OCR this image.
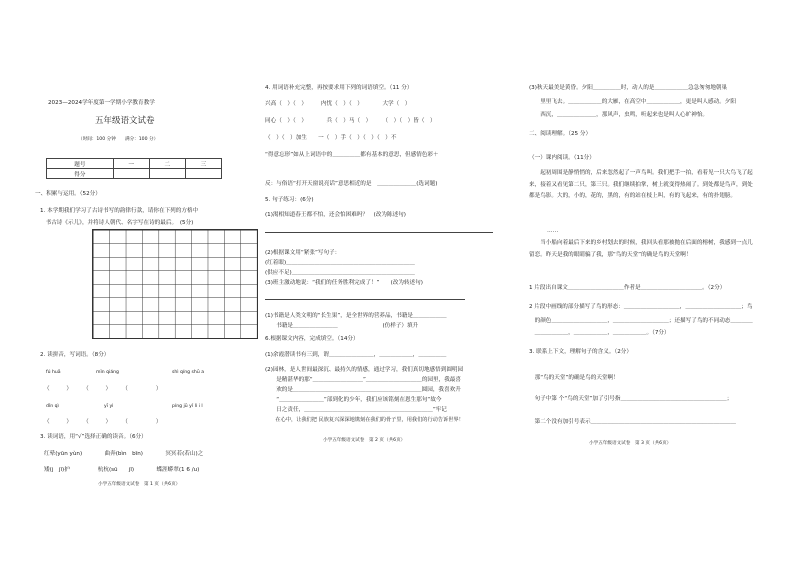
2023—2024学年度第一学期小学教育教学
五年级语文试卷
（时间：100 分钟　　满分：100 分）
题号	一	二	三
得分			
一、积累与运用。（52分）
1. 本学期我们学习了古诗书写的韵律行款，请你在下列的方格中
　书古诗《示儿》，并将诗人朝代、名字写在诗的最后。　(5分)
2. 读拼音，写词语。（8分）
fú huā	mǐn qiáng	shì qíng shū a
（　　　）　　　（　　　）　　　（　　　　　）
dǐn qì	yī yì	píng jū yǐ lì i l
（　　　）　　　（　　　）　　　（　　　　　）
3. 读词语，用“√”选择正确的读音。（6分）
红晕(yūn yùn)　　　　曲奔(bìn　bīn)　　　　冥冥若(若山)之
矮(j　jī)护　　　　　杭杭(sū　　jī)　　　　蝶涯蟒翠(1 6 /u)
小学五年级语文试卷　第 1 页（共6页）
4. 用词语补充完整，再按要求用下列的词语填空。（11 分）
兴高（　）（　）　　　内忧（　）（　）　　　　大学（　）
同心（　）（　）　　　　兵（　）马（　）　　　（　）（　）皆（　）
（　）（　）加生　　一（　）手（　）（　）（　）不
“得意忘形”如从上词语中的＿＿＿＿＿都有基本的意思，但感情色彩＋
反：与俗语“打开天窗说亮话”意思相近的是　＿＿＿＿＿＿＿(选词题)
5. 句子练习：(6分)
(1)渴相知道春王都不怕，还会怕困难吗？　(改为陈述句)
(2)根据课文用“紧张”写句子：
(红着眼)＿＿＿＿＿＿＿＿＿＿＿＿＿＿＿＿＿＿＿＿＿＿＿
(供应不足)＿＿＿＿＿＿＿＿＿＿＿＿＿＿＿＿＿＿＿＿＿＿
(3)班主激动地说：“我们的任务胜利完成了！”　　(改为转述句)
(1)书籍是人类文明的“长生果”，是全世界的营养品，书籍是＿＿＿＿＿＿
　　书籍是＿＿＿＿＿＿＿＿　　　　　　　　(仿样子）填升
6.根据课文内容，完成填空。（14分）
(1)余霞潜读书有三到，谓＿＿＿＿＿＿＿＿，＿＿＿＿＿＿，＿＿＿＿＿
(2)园林，是人世间最深沉、最持久的情感，通过学习，我们真切地感悟到圆明园
　　是精湛华的那“＿＿＿＿＿＿＿＿＿”＿＿＿＿＿＿＿＿＿＿的园里，我最喜
　　欢的是＿＿＿＿＿＿＿＿＿＿＿＿＿＿＿＿＿＿＿＿＿＿＿圆园，我喜欢升
　　“＿＿＿＿＿＿＿＿”部到化的少年，我们应该铭刻在恩生那句“故今
　　日之责任，＿＿＿＿＿＿＿＿＿＿＿＿＿＿＿＿＿＿＿＿＿＿＿”牢记
　　在心中，让我们把 民族复兴深深地镌刻在我们的骨子里，用我们的行动告诉世界！
小学五年级语文试卷　第 2 页（共6页）
(3)秋天最美是黄昏。夕阳＿＿＿＿＿时，动人的是＿＿＿＿＿＿急急匆匆地朝巢
　　里里飞去。＿＿＿＿＿＿的大雁，在高空中＿＿＿＿＿＿，更是叫人感动。夕阳
　　西沉，＿＿＿＿＿＿＿，那风声，虫鸣，听起来也是叫人心旷神怡。
二、阅读理解。（25 分）
（一）课内阅读。（11分）
　　起初周围是静悄悄的，后来忽然起了一声鸟叫。我们把手一拍，看着见一只大鸟飞了起来，接着又看见第二只，第三只。我们继续拍掌，树上就变得热闹了。到处都是鸟声，到处都是鸟影。大的，小的，花的，黑的，有的站在枝上叫，有的飞起来，有的扑翅膀。
……
　　当小船向着最后下来的乡村划去的时候，我回头看那被抛在后面的榕树，我感到一点儿留恋。昨天是我的眼睛骗了我，那“鸟的天堂”的确是鸟的天堂啊！
1 片段出自课文＿＿＿＿＿＿＿＿＿＿作者是＿＿＿＿＿＿＿＿＿＿＿。（2分）
2 片段中画线的部分描写了鸟的形态：＿＿＿＿＿＿＿＿＿＿，＿＿＿＿＿＿＿＿＿＿；鸟
　的颜色＿＿＿＿＿＿＿＿＿＿，＿＿＿＿＿＿＿＿＿＿；还描写了鸟的不同动态＿＿＿＿
　＿＿＿＿＿＿，＿＿＿＿＿＿，＿＿＿＿＿＿。（7分）
3. 联系上下文，理解句子的含义。（2分）
　那“鸟的天堂”的确是鸟的天堂啊！
　句子中第 个“鸟的天堂”加了引号指＿＿＿＿＿＿＿＿＿＿＿＿＿＿＿＿＿＿＿；
　第二个没有加引号表示＿＿＿＿＿＿＿＿＿＿＿＿＿＿＿＿＿＿＿＿＿＿＿＿＿＿
小学五年级语文试卷　第 3 页（共6页）
